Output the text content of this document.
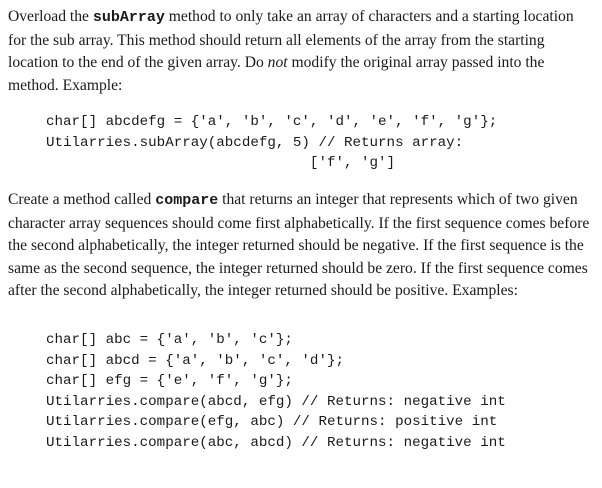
Overload the subArray method to only take an array of characters and a starting location for the sub array. This method should return all elements of the array from the starting location to the end of the given array. Do not modify the original array passed into the method. Example:

char[] abcdefg = {'a', 'b', 'c', 'd', 'e', 'f', 'g'};
Utilarries.subArray(abcdefg, 5) // Returns array:
['f', 'g']

Create a method called compare that returns an integer that represents which of two given character array sequences should come first alphabetically. If the first sequence comes before the second alphabetically, the integer returned should be negative. If the first sequence is the same as the second sequence, the integer returned should be zero. If the first sequence comes after the second alphabetically, the integer returned should be positive. Examples:

char[] abc = {'a', 'b', 'c'};
char[] abcd = {'a', 'b', 'c', 'd'};
char[] efg = {'e', 'f', 'g'};
Utilarries.compare(abcd, efg) // Returns: negative int
Utilarries.compare(efg, abc) // Returns: positive int
Utilarries.compare(abc, abcd) // Returns: negative int
